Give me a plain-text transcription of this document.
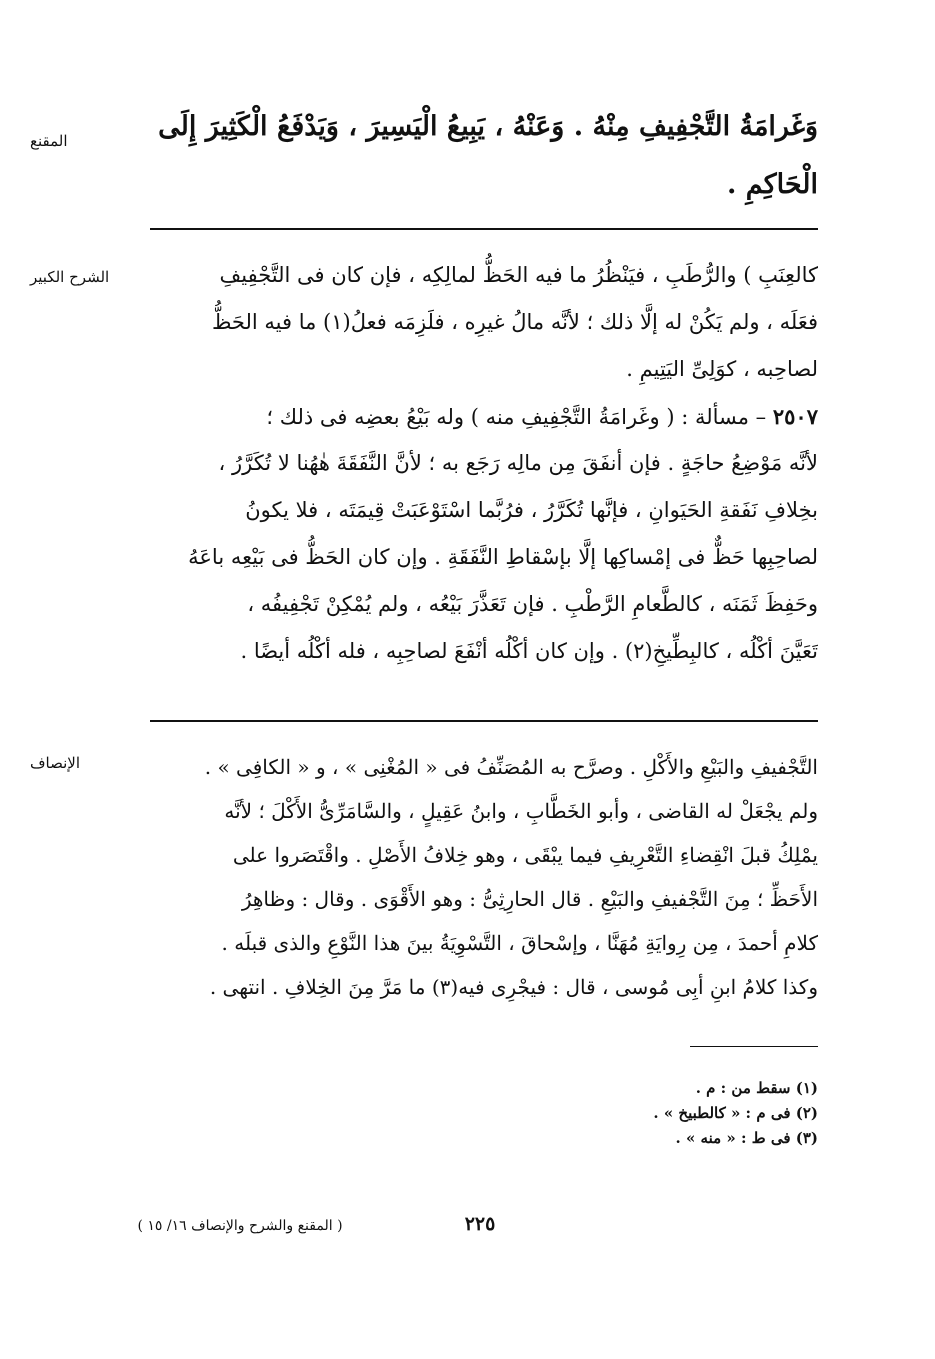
المقنع	وَغَرامَةُ التَّجْفِيفِ مِنْهُ . وَعَنْهُ ، يَبِيعُ الْيَسِيرَ ، وَيَدْفَعُ الْكَثِيرَ إِلَى
الْحَاكِمِ .
الشرح الكبير	كالعِنَبِ ) والرُّطَبِ ، فيَنْظُرُ ما فيه الحَظُّ لمالِكِه ، فإن كان فى التَّجْفِيفِ
فعَلَه ، ولم يَكُنْ له إلَّا ذلك ؛ لأنَّه مالُ غيرِه ، فلَزِمَه فعلُ(١) ما فيه الحَظُّ
لصاحِبه ، كوَلِىِّ اليَتِيمِ .
٢٥٠٧ – مسألة : ( وغَرامَةُ التَّجْفِيفِ منه ) وله بَيْعُ بعضِه فى ذلك ؛
لأنَّه مَوْضِعُ حاجَةٍ . فإن أنفَقَ مِن مالِه رَجَع به ؛ لأنَّ النَّفَقَةَ هٰهُنا لا تُكَرَّرُ ،
بخِلافِ نَفَقةِ الحَيَوانِ ، فإنَّها تُكَرَّرُ ، فرُبَّما اسْتَوْعَبَتْ قِيمَتَه ، فلا يكونُ
لصاحِبِها حَظٌّ فى إمْساكِها إلَّا بإسْقاطِ النَّفَقَةِ . وإن كان الحَظُّ فى بَيْعِه باعَهُ
وحَفِظَ ثَمَنَه ، كالطَّعامِ الرَّطْبِ . فإن تَعَذَّرَ بَيْعُه ، ولم يُمْكِنْ تَجْفِيفُه ،
تَعَيَّنَ أكْلُه ، كالبِطِّيخِ(٢) . وإن كان أكْلُه أنْفَعَ لصاحِبِه ، فله أكْلُه أيضًا .
الإنصاف	التَّجْفيفِ والبَيْعِ والأَكْلِ . وصرَّح به المُصَنِّفُ فى « المُغْنِى » ، و « الكافِى » .
ولم يجْعَلْ له القاضى ، وأبو الخَطَّابِ ، وابنُ عَقِيلٍ ، والسَّامَرِّىُّ الأَكْلَ ؛ لأنَّه
يمْلِكُ قبلَ انْقِضاءِ التَّعْرِيفِ فيما يبْقَى ، وهو خِلافُ الأَصْلِ . واقْتَصَروا على
الأَحَظِّ ؛ مِنَ التَّجْفيفِ والبَيْعِ . قال الحارِثِىُّ : وهو الأَقْوَى . وقال : وظاهِرُ
كلامِ أحمدَ ، مِن رِوايَةِ مُهَنَّا ، وإسْحاقَ ، التَّسْوِيَةُ بينَ هذا النَّوْعِ والذى قبلَه .
وكذا كلامُ ابنِ أبِى مُوسى ، قال : فيجْرِى فيه(٣) ما مَرَّ مِنَ الخِلافِ . انتهى .
(١) سقط من : م .
(٢) فى م : « كالطبيخ » .
(٣) فى ط : « منه » .
٢٢٥
( المقنع والشرح والإنصاف ١٦/ ١٥ )
